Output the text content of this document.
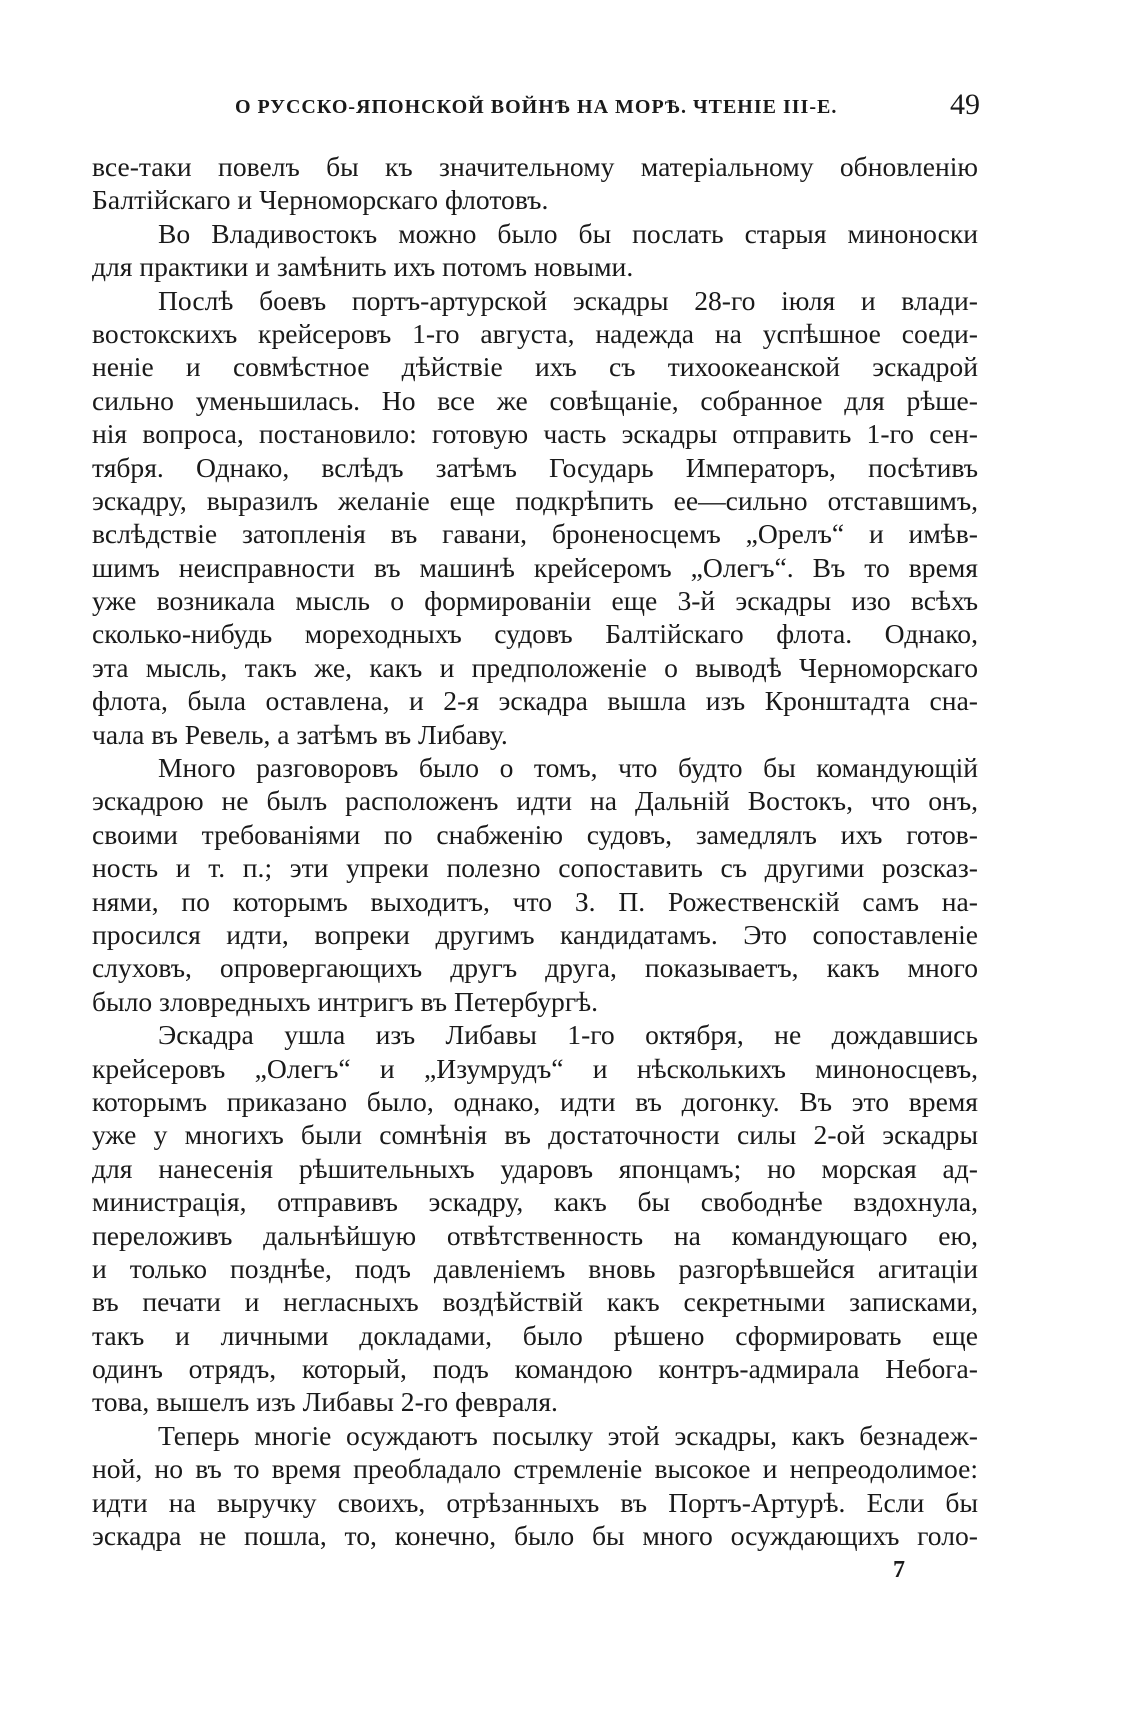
О РУССКО-ЯПОНСКОЙ ВОЙНѢ НА МОРѢ. ЧТЕНІЕ III-Е.	49
все-таки повелъ бы къ значительному матеріальному обновленію
Балтійскаго и Черноморскаго флотовъ.
Во Владивостокъ можно было бы послать старыя миноноски
для практики и замѣнить ихъ потомъ новыми.
Послѣ боевъ портъ-артурской эскадры 28-го іюля и влади-
востокскихъ крейсеровъ 1-го августа, надежда на успѣшное соеди-
неніе и совмѣстное дѣйствіе ихъ съ тихоокеанской эскадрой
сильно уменьшилась. Но все же совѣщаніе, собранное для рѣше-
нія вопроса, постановило: готовую часть эскадры отправить 1-го сен-
тября. Однако, вслѣдъ затѣмъ Государь Императоръ, посѣтивъ
эскадру, выразилъ желаніе еще подкрѣпить ее—сильно отставшимъ,
вслѣдствіе затопленія въ гавани, броненосцемъ „Орелъ“ и имѣв-
шимъ неисправности въ машинѣ крейсеромъ „Олегъ“. Въ то время
уже возникала мысль о формированіи еще 3-й эскадры изо всѣхъ
сколько-нибудь мореходныхъ судовъ Балтійскаго флота. Однако,
эта мысль, такъ же, какъ и предположеніе о выводѣ Черноморскаго
флота, была оставлена, и 2-я эскадра вышла изъ Кронштадта сна-
чала въ Ревель, а затѣмъ въ Либаву.
Много разговоровъ было о томъ, что будто бы командующій
эскадрою не былъ расположенъ идти на Дальній Востокъ, что онъ,
своими требованіями по снабженію судовъ, замедлялъ ихъ готов-
ность и т. п.; эти упреки полезно сопоставить съ другими розсказ-
нями, по которымъ выходитъ, что З. П. Рожественскій самъ на-
просился идти, вопреки другимъ кандидатамъ. Это сопоставленіе
слуховъ, опровергающихъ другъ друга, показываетъ, какъ много
было зловредныхъ интригъ въ Петербургѣ.
Эскадра ушла изъ Либавы 1-го октября, не дождавшись
крейсеровъ „Олегъ“ и „Изумрудъ“ и нѣсколькихъ миноносцевъ,
которымъ приказано было, однако, идти въ догонку. Въ это время
уже у многихъ были сомнѣнія въ достаточности силы 2-ой эскадры
для нанесенія рѣшительныхъ ударовъ японцамъ; но морская ад-
министрація, отправивъ эскадру, какъ бы свободнѣе вздохнула,
переложивъ дальнѣйшую отвѣтственность на командующаго ею,
и только позднѣе, подъ давленіемъ вновь разгорѣвшейся агитаціи
въ печати и негласныхъ воздѣйствій какъ секретными записками,
такъ и личными докладами, было рѣшено сформировать еще
одинъ отрядъ, который, подъ командою контръ-адмирала Небога-
това, вышелъ изъ Либавы 2-го февраля.
Теперь многіе осуждаютъ посылку этой эскадры, какъ безнадеж-
ной, но въ то время преобладало стремленіе высокое и непреодолимое:
идти на выручку своихъ, отрѣзанныхъ въ Портъ-Артурѣ. Если бы
эскадра не пошла, то, конечно, было бы много осуждающихъ голо-
7
